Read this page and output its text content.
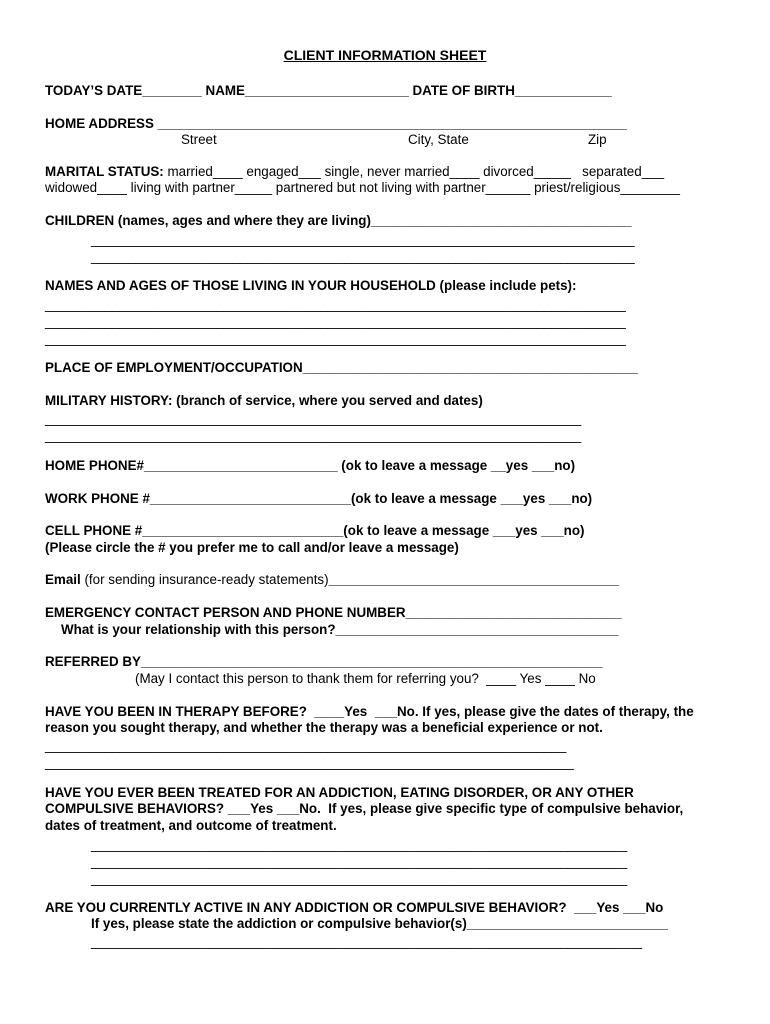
CLIENT INFORMATION SHEET
TODAY’S DATE________ NAME______________________ DATE OF BIRTH_____________
HOME ADDRESS _______________________________________________________________
Street	City, State	Zip
MARITAL STATUS: married____ engaged___ single, never married____ divorced_____   separated___
widowed____ living with partner_____ partnered but not living with partner______ priest/religious________
CHILDREN (names, ages and where they are living)___________________________________
_________________________________________________________________________
_________________________________________________________________________
NAMES AND AGES OF THOSE LIVING IN YOUR HOUSEHOLD (please include pets):
______________________________________________________________________________
______________________________________________________________________________
______________________________________________________________________________
PLACE OF EMPLOYMENT/OCCUPATION_____________________________________________
MILITARY HISTORY: (branch of service, where you served and dates)
________________________________________________________________________
________________________________________________________________________
HOME PHONE#__________________________ (ok to leave a message __yes ___no)
WORK PHONE #___________________________(ok to leave a message ___yes ___no)
CELL PHONE #___________________________(ok to leave a message ___yes ___no)
(Please circle the # you prefer me to call and/or leave a message)
Email (for sending insurance-ready statements)_______________________________________
EMERGENCY CONTACT PERSON AND PHONE NUMBER_____________________________
What is your relationship with this person?______________________________________
REFERRED BY______________________________________________________________
(May I contact this person to thank them for referring you?  ____ Yes ____ No
HAVE YOU BEEN IN THERAPY BEFORE?  ____Yes  ___No. If yes, please give the dates of therapy, the
reason you sought therapy, and whether the therapy was a beneficial experience or not.
______________________________________________________________________
_______________________________________________________________________
HAVE YOU EVER BEEN TREATED FOR AN ADDICTION, EATING DISORDER, OR ANY OTHER
COMPULSIVE BEHAVIORS? ___Yes ___No.  If yes, please give specific type of compulsive behavior,
dates of treatment, and outcome of treatment.
________________________________________________________________________
________________________________________________________________________
________________________________________________________________________
ARE YOU CURRENTLY ACTIVE IN ANY ADDICTION OR COMPULSIVE BEHAVIOR?  ___Yes ___No
If yes, please state the addiction or compulsive behavior(s)___________________________
__________________________________________________________________________
